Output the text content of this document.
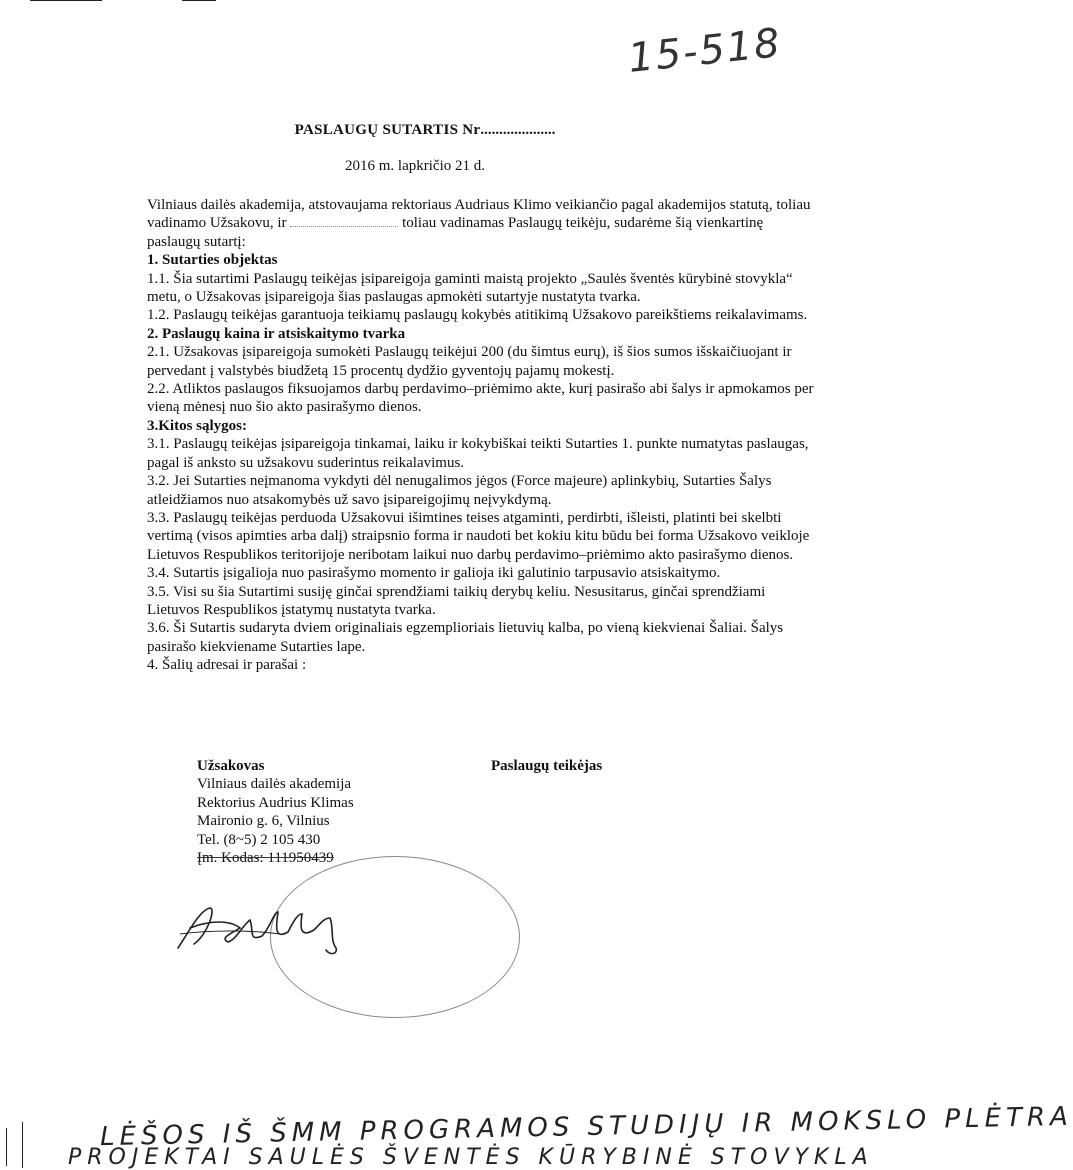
15-518
PASLAUGŲ SUTARTIS Nr....................
2016 m. lapkričio 21 d.

Vilniaus dailės akademija, atstovaujama rektoriaus Audriaus Klimo veikiančio pagal akademijos statutą, toliau vadinamo Užsakovu, ir	toliau vadinamas Paslaugų teikėju, sudarėme šią vienkartinę paslaugų sutartį:

1. Sutarties objektas

1.1. Šia sutartimi Paslaugų teikėjas įsipareigoja gaminti maistą projekto „Saulės šventės kūrybinė stovykla“ metu, o Užsakovas įsipareigoja šias paslaugas apmokėti sutartyje nustatyta tvarka.

1.2. Paslaugų teikėjas garantuoja teikiamų paslaugų kokybės atitikimą Užsakovo pareikštiems reikalavimams.

2. Paslaugų kaina ir atsiskaitymo tvarka

2.1. Užsakovas įsipareigoja sumokėti Paslaugų teikėjui 200 (du šimtus eurų), iš šios sumos išskaičiuojant ir pervedant į valstybės biudžetą 15 procentų dydžio gyventojų pajamų mokestį.

2.2. Atliktos paslaugos fiksuojamos darbų perdavimo–priėmimo akte, kurį pasirašo abi šalys ir apmokamos per vieną mėnesį nuo šio akto pasirašymo dienos.

3.Kitos sąlygos:

3.1. Paslaugų teikėjas įsipareigoja tinkamai, laiku ir kokybiškai teikti Sutarties 1. punkte numatytas paslaugas, pagal iš anksto su užsakovu suderintus reikalavimus.

3.2. Jei Sutarties neįmanoma vykdyti dėl nenugalimos jėgos (Force majeure) aplinkybių, Sutarties Šalys atleidžiamos nuo atsakomybės už savo įsipareigojimų neįvykdymą.

3.3. Paslaugų teikėjas perduoda Užsakovui išimtines teises atgaminti, perdirbti, išleisti, platinti bei skelbti vertimą (visos apimties arba dalį) straipsnio forma ir naudoti bet kokiu kitu būdu bei forma Užsakovo veikloje Lietuvos Respublikos teritorijoje neribotam laikui nuo darbų perdavimo–priėmimo akto pasirašymo dienos.

3.4. Sutartis įsigalioja nuo pasirašymo momento ir galioja iki galutinio tarpusavio atsiskaitymo.

3.5. Visi su šia Sutartimi susiję ginčai sprendžiami taikių derybų keliu. Nesusitarus, ginčai sprendžiami Lietuvos Respublikos įstatymų nustatyta tvarka.

3.6. Ši Sutartis sudaryta dviem originaliais egzemplioriais lietuvių kalba, po vieną kiekvienai Šaliai. Šalys pasirašo kiekviename Sutarties lape.

4. Šalių adresai ir parašai :

Užsakovas
Vilniaus dailės akademija
Rektorius Audrius Klimas
Maironio g. 6, Vilnius
Tel. (8~5) 2 105 430
Įm. Kodas: 111950439
Paslaugų teikėjas
LĖŠOS IŠ ŠMM PROGRAMOS STUDIJŲ IR MOKSLO PLĖTRA
PROJEKTAI SAULĖS ŠVENTĖS KŪRYBINĖ STOVYKLA
